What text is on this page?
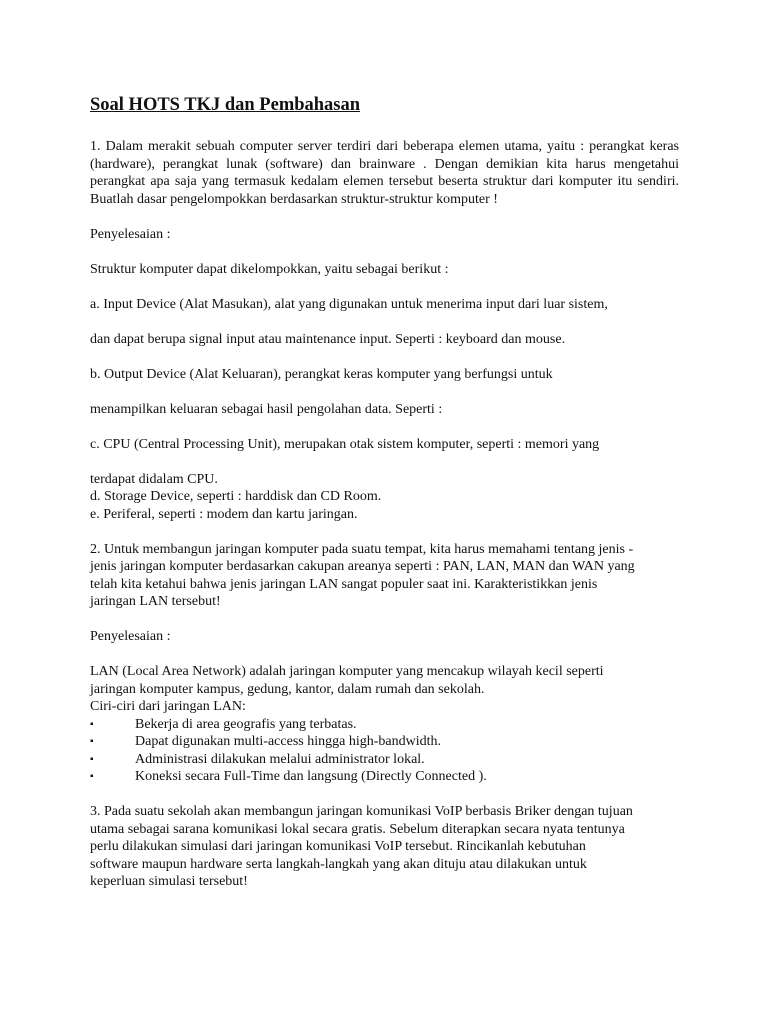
Soal HOTS TKJ dan Pembahasan

1. Dalam merakit sebuah computer server terdiri dari beberapa elemen utama, yaitu : perangkat keras (hardware), perangkat lunak (software) dan brainware . Dengan demikian kita harus mengetahui perangkat apa saja yang termasuk kedalam elemen tersebut beserta struktur dari komputer itu sendiri. Buatlah dasar pengelompokkan berdasarkan struktur-struktur komputer !

Penyelesaian :

Struktur komputer dapat dikelompokkan, yaitu sebagai berikut :

a. Input Device (Alat Masukan), alat yang digunakan untuk menerima input dari luar sistem,

dan dapat berupa signal input atau maintenance input. Seperti : keyboard dan mouse.

b. Output Device (Alat Keluaran), perangkat keras komputer yang berfungsi untuk

menampilkan keluaran sebagai hasil pengolahan data. Seperti :

c. CPU (Central Processing Unit), merupakan otak sistem komputer, seperti : memori yang

terdapat didalam CPU.

d. Storage Device, seperti : harddisk dan CD Room.

e. Periferal, seperti : modem dan kartu jaringan.

2. Untuk membangun jaringan komputer pada suatu tempat, kita harus memahami tentang jenis -

jenis jaringan komputer berdasarkan cakupan areanya seperti : PAN, LAN, MAN dan WAN yang

telah kita ketahui bahwa jenis jaringan LAN sangat populer saat ini. Karakteristikkan jenis

jaringan LAN tersebut!

Penyelesaian :

LAN (Local Area Network) adalah jaringan komputer yang mencakup wilayah kecil seperti

jaringan komputer kampus, gedung, kantor, dalam rumah dan sekolah.

Ciri-ciri dari jaringan LAN:

▪	Bekerja di area geografis yang terbatas.
▪	Dapat digunakan multi-access hingga high-bandwidth.
▪	Administrasi dilakukan melalui administrator lokal.
▪	Koneksi secara Full-Time dan langsung (Directly Connected ).

3. Pada suatu sekolah akan membangun jaringan komunikasi VoIP berbasis Briker dengan tujuan

utama sebagai sarana komunikasi lokal secara gratis. Sebelum diterapkan secara nyata tentunya

perlu dilakukan simulasi dari jaringan komunikasi VoIP tersebut. Rincikanlah kebutuhan

software maupun hardware serta langkah-langkah yang akan dituju atau dilakukan untuk

keperluan simulasi tersebut!
